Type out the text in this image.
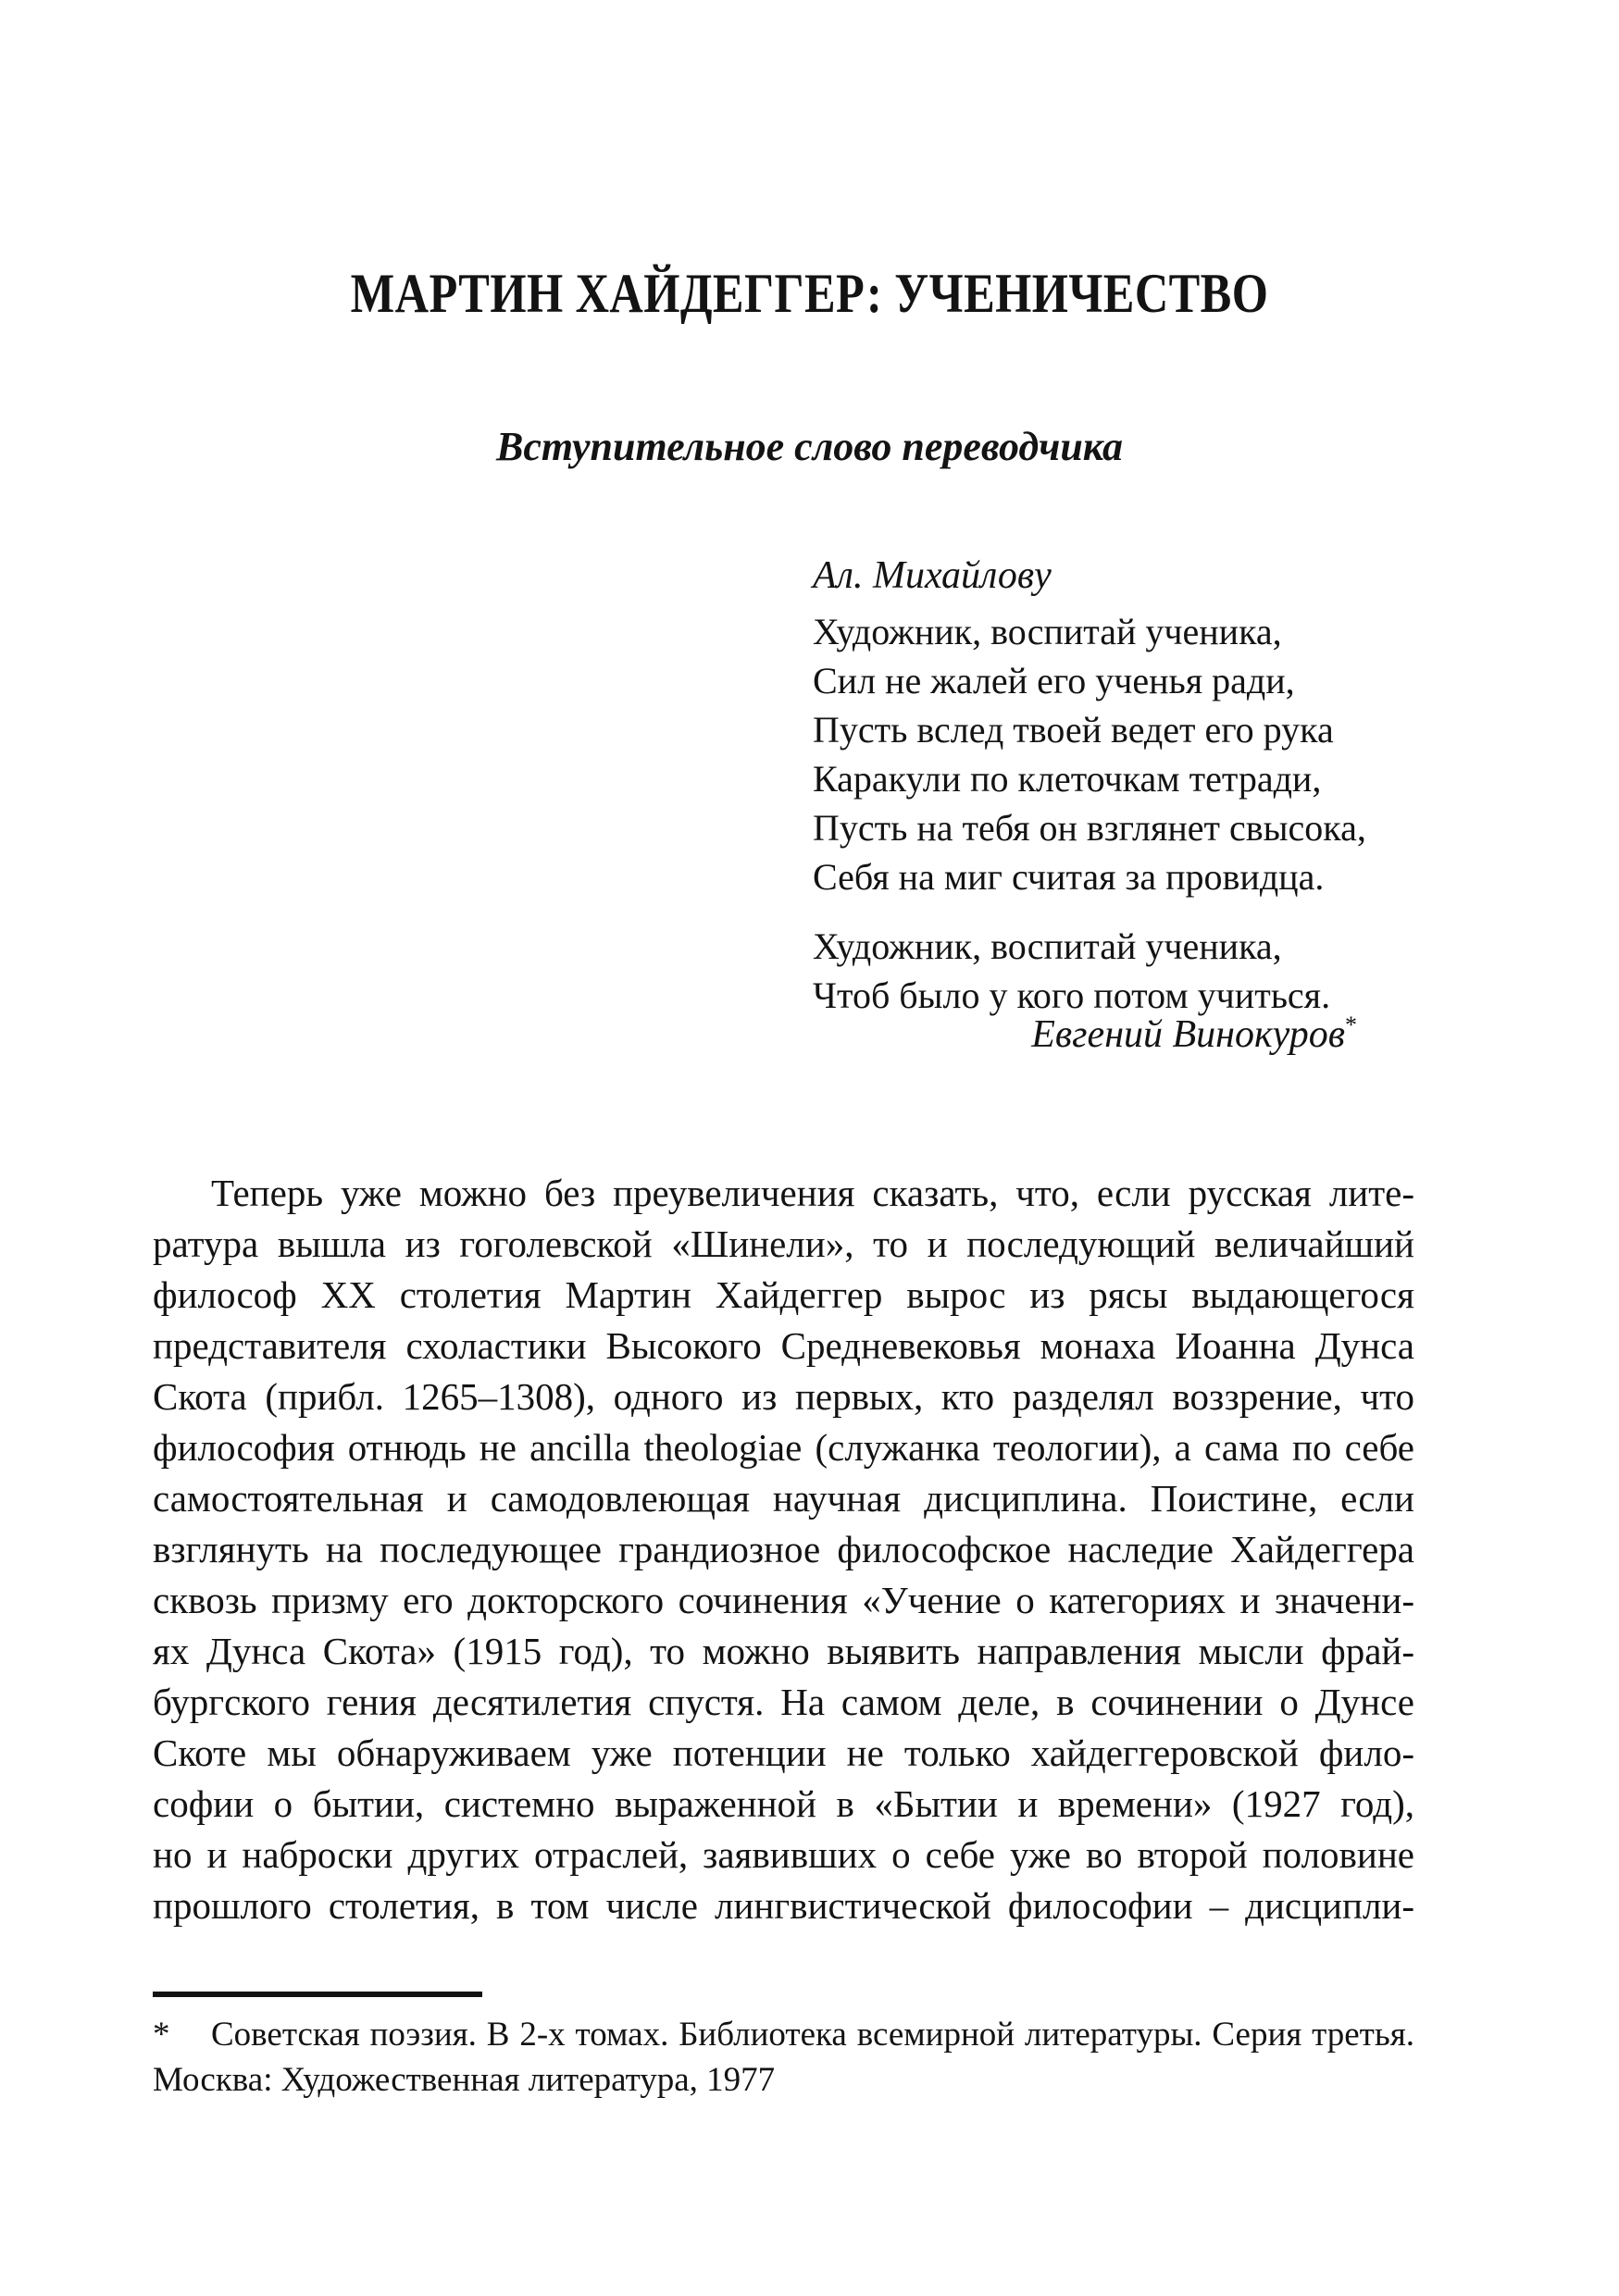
МАРТИН ХАЙДЕГГЕР: УЧЕНИЧЕСТВО
Вступительное слово переводчика
Ал. Михайлову
Художник, воспитай ученика,
Сил не жалей его ученья ради,
Пусть вслед твоей ведет его рука
Каракули по клеточкам тетради,
Пусть на тебя он взглянет свысока,
Себя на миг считая за провидца.
Художник, воспитай ученика,
Чтоб было у кого потом учиться.
Евгений Винокуров*
Теперь уже можно без преувеличения сказать, что, если русская лите-
ратура вышла из гоголевской «Шинели», то и последующий величайший
философ XX столетия Мартин Хайдеггер вырос из рясы выдающегося
представителя схоластики Высокого Средневековья монаха Иоанна Дунса
Скота (прибл. 1265–1308), одного из первых, кто разделял воззрение, что
философия отнюдь не ancilla theologiae (служанка теологии), а сама по себе
самостоятельная и самодовлеющая научная дисциплина. Поистине, если
взглянуть на последующее грандиозное философское наследие Хайдеггера
сквозь призму его докторского сочинения «Учение о категориях и значени-
ях Дунса Скота» (1915 год), то можно выявить направления мысли фрай-
бургского гения десятилетия спустя. На самом деле, в сочинении о Дунсе
Скоте мы обнаруживаем уже потенции не только хайдеггеровской фило-
софии о бытии, системно выраженной в «Бытии и времени» (1927 год),
но и наброски других отраслей, заявивших о себе уже во второй половине
прошлого столетия, в том числе лингвистической философии – дисципли-
* Советская поэзия. В 2-х томах. Библиотека всемирной литературы. Серия третья.
Москва: Художественная литература, 1977
